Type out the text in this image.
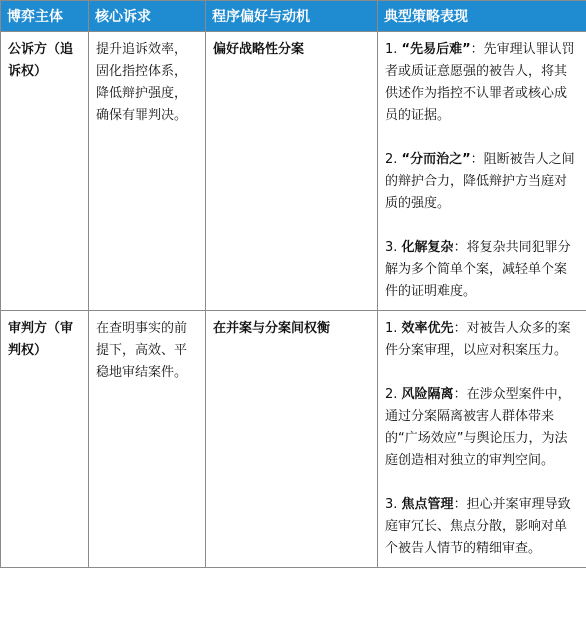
博弈主体	核心诉求	程序偏好与动机	典型策略表现
公诉方（追诉权）	提升追诉效率，固化指控体系，降低辩护强度，确保有罪判决。	偏好战略性分案	1. “先易后难”：先审理认罪认罚者或质证意愿强的被告人，将其供述作为指控不认罪者或核心成员的证据。

2. “分而治之”：阻断被告人之间的辩护合力，降低辩护方当庭对质的强度。

3. 化解复杂：将复杂共同犯罪分解为多个简单个案，减轻单个案件的证明难度。

审判方（审判权）	在查明事实的前提下，高效、平稳地审结案件。	在并案与分案间权衡	1. 效率优先：对被告人众多的案件分案审理，以应对积案压力。

2. 风险隔离：在涉众型案件中，通过分案隔离被害人群体带来的“广场效应”与舆论压力，为法庭创造相对独立的审判空间。

3. 焦点管理：担心并案审理导致庭审冗长、焦点分散，影响对单个被告人情节的精细审查。
